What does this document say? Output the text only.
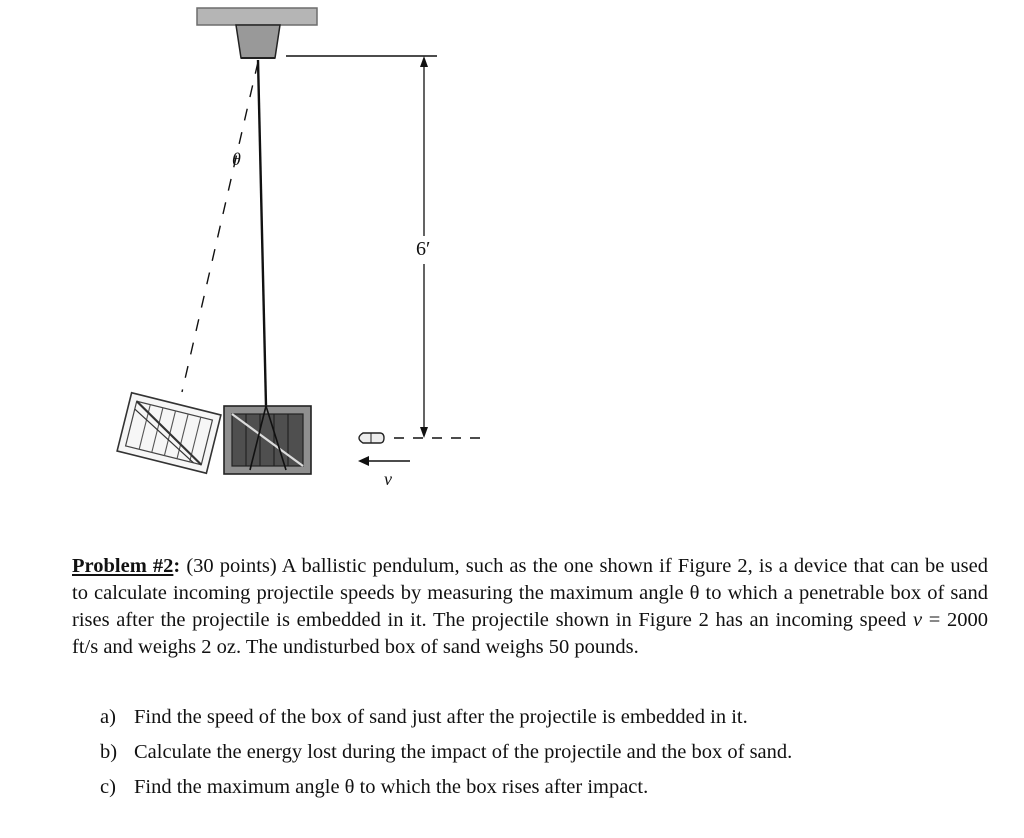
6′
θ
v
Problem #2: (30 points) A ballistic pendulum, such as the one shown if Figure 2, is a device that can be used to calculate incoming projectile speeds by measuring the maximum angle θ to which a penetrable box of sand rises after the projectile is embedded in it. The projectile shown in Figure 2 has an incoming speed v = 2000 ft/s and weighs 2 oz. The undisturbed box of sand weighs 50 pounds.
a) Find the speed of the box of sand just after the projectile is embedded in it.
b) Calculate the energy lost during the impact of the projectile and the box of sand.
c) Find the maximum angle θ to which the box rises after impact.
